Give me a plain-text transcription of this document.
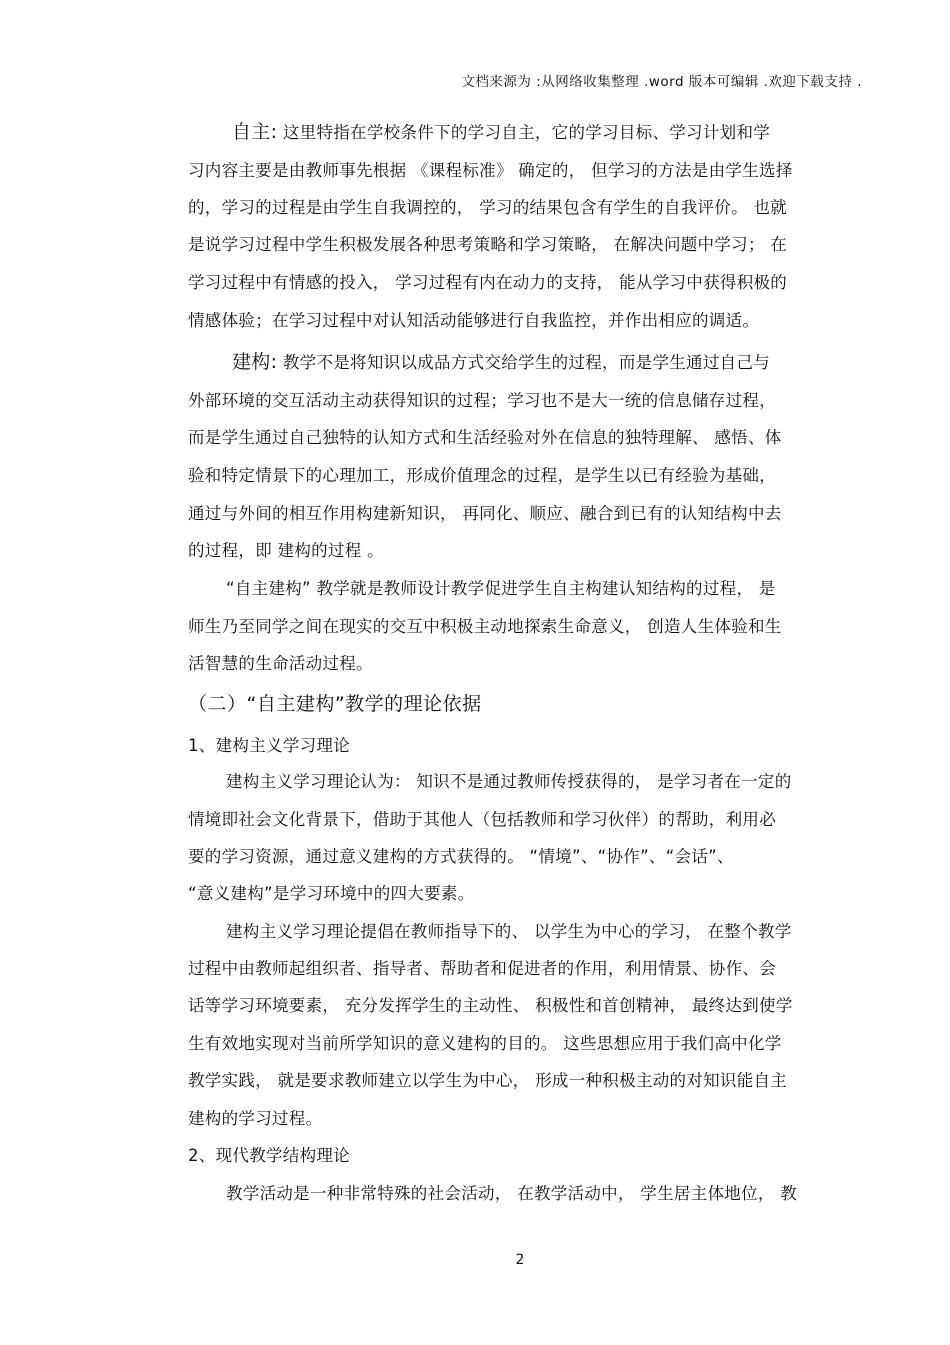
文档来源为 :从网络收集整理 .word 版本可编辑 .欢迎下载支持 .
自主: 这里特指在学校条件下的学习自主，它的学习目标、学习计划和学
习内容主要是由教师事先根据 《课程标准》 确定的， 但学习的方法是由学生选择
的，学习的过程是由学生自我调控的， 学习的结果包含有学生的自我评价。 也就
是说学习过程中学生积极发展各种思考策略和学习策略， 在解决问题中学习； 在
学习过程中有情感的投入， 学习过程有内在动力的支持， 能从学习中获得积极的
情感体验；在学习过程中对认知活动能够进行自我监控，并作出相应的调适。
建构: 教学不是将知识以成品方式交给学生的过程，而是学生通过自己与
外部环境的交互活动主动获得知识的过程；学习也不是大一统的信息储存过程，
而是学生通过自己独特的认知方式和生活经验对外在信息的独特理解、 感悟、体
验和特定情景下的心理加工，形成价值理念的过程，是学生以已有经验为基础，
通过与外间的相互作用构建新知识， 再同化、顺应、融合到已有的认知结构中去
的过程，即 建构的过程 。
“自主建构” 教学就是教师设计教学促进学生自主构建认知结构的过程， 是
师生乃至同学之间在现实的交互中积极主动地探索生命意义， 创造人生体验和生
活智慧的生命活动过程。
（二）“自主建构”教学的理论依据
1、建构主义学习理论
建构主义学习理论认为： 知识不是通过教师传授获得的， 是学习者在一定的
情境即社会文化背景下，借助于其他人（包括教师和学习伙伴）的帮助，利用必
要的学习资源，通过意义建构的方式获得的。 “情境”、“协作”、“会话”、
“意义建构”是学习环境中的四大要素。
建构主义学习理论提倡在教师指导下的、 以学生为中心的学习， 在整个教学
过程中由教师起组织者、指导者、帮助者和促进者的作用，利用情景、协作、会
话等学习环境要素， 充分发挥学生的主动性、 积极性和首创精神， 最终达到使学
生有效地实现对当前所学知识的意义建构的目的。 这些思想应用于我们高中化学
教学实践， 就是要求教师建立以学生为中心， 形成一种积极主动的对知识能自主
建构的学习过程。
2、现代教学结构理论
教学活动是一种非常特殊的社会活动， 在教学活动中， 学生居主体地位， 教
2
